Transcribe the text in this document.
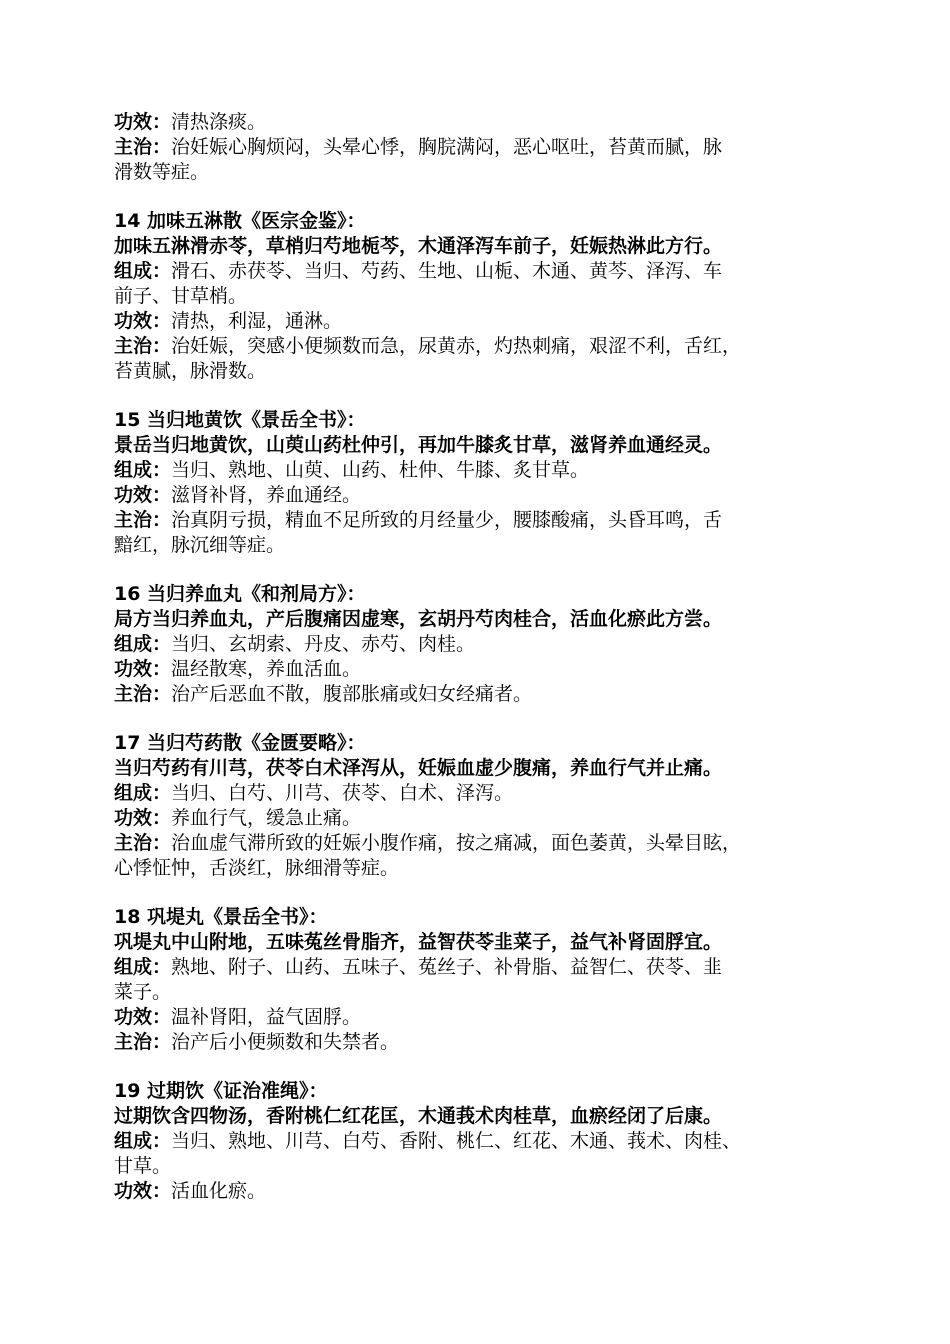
功效：清热涤痰。
主治：治妊娠心胸烦闷，头晕心悸，胸脘满闷，恶心呕吐，苔黄而腻，脉
滑数等症。
14 加味五淋散《医宗金鉴》：
加味五淋滑赤苓，草梢归芍地栀芩，木通泽泻车前子，妊娠热淋此方行。
组成：滑石、赤茯苓、当归、芍药、生地、山栀、木通、黄芩、泽泻、车
前子、甘草梢。
功效：清热，利湿，通淋。
主治：治妊娠，突感小便频数而急，尿黄赤，灼热刺痛，艰涩不利，舌红，
苔黄腻，脉滑数。
15 当归地黄饮《景岳全书》：
景岳当归地黄饮，山萸山药杜仲引，再加牛膝炙甘草，滋肾养血通经灵。
组成：当归、熟地、山萸、山药、杜仲、牛膝、炙甘草。
功效：滋肾补肾，养血通经。
主治：治真阴亏损，精血不足所致的月经量少，腰膝酸痛，头昏耳鸣，舌
黯红，脉沉细等症。
16 当归养血丸《和剂局方》：
局方当归养血丸，产后腹痛因虚寒，玄胡丹芍肉桂合，活血化瘀此方尝。
组成：当归、玄胡索、丹皮、赤芍、肉桂。
功效：温经散寒，养血活血。
主治：治产后恶血不散，腹部胀痛或妇女经痛者。
17 当归芍药散《金匮要略》：
当归芍药有川芎，茯苓白术泽泻从，妊娠血虚少腹痛，养血行气并止痛。
组成：当归、白芍、川芎、茯苓、白术、泽泻。
功效：养血行气，缓急止痛。
主治：治血虚气滞所致的妊娠小腹作痛，按之痛减，面色萎黄，头晕目眩，
心悸怔忡，舌淡红，脉细滑等症。
18 巩堤丸《景岳全书》：
巩堤丸中山附地，五味菟丝骨脂齐，益智茯苓韭菜子，益气补肾固脬宜。
组成：熟地、附子、山药、五味子、菟丝子、补骨脂、益智仁、茯苓、韭
菜子。
功效：温补肾阳，益气固脬。
主治：治产后小便频数和失禁者。
19 过期饮《证治准绳》：
过期饮含四物汤，香附桃仁红花匡，木通莪术肉桂草，血瘀经闭了后康。
组成：当归、熟地、川芎、白芍、香附、桃仁、红花、木通、莪术、肉桂、
甘草。
功效：活血化瘀。
